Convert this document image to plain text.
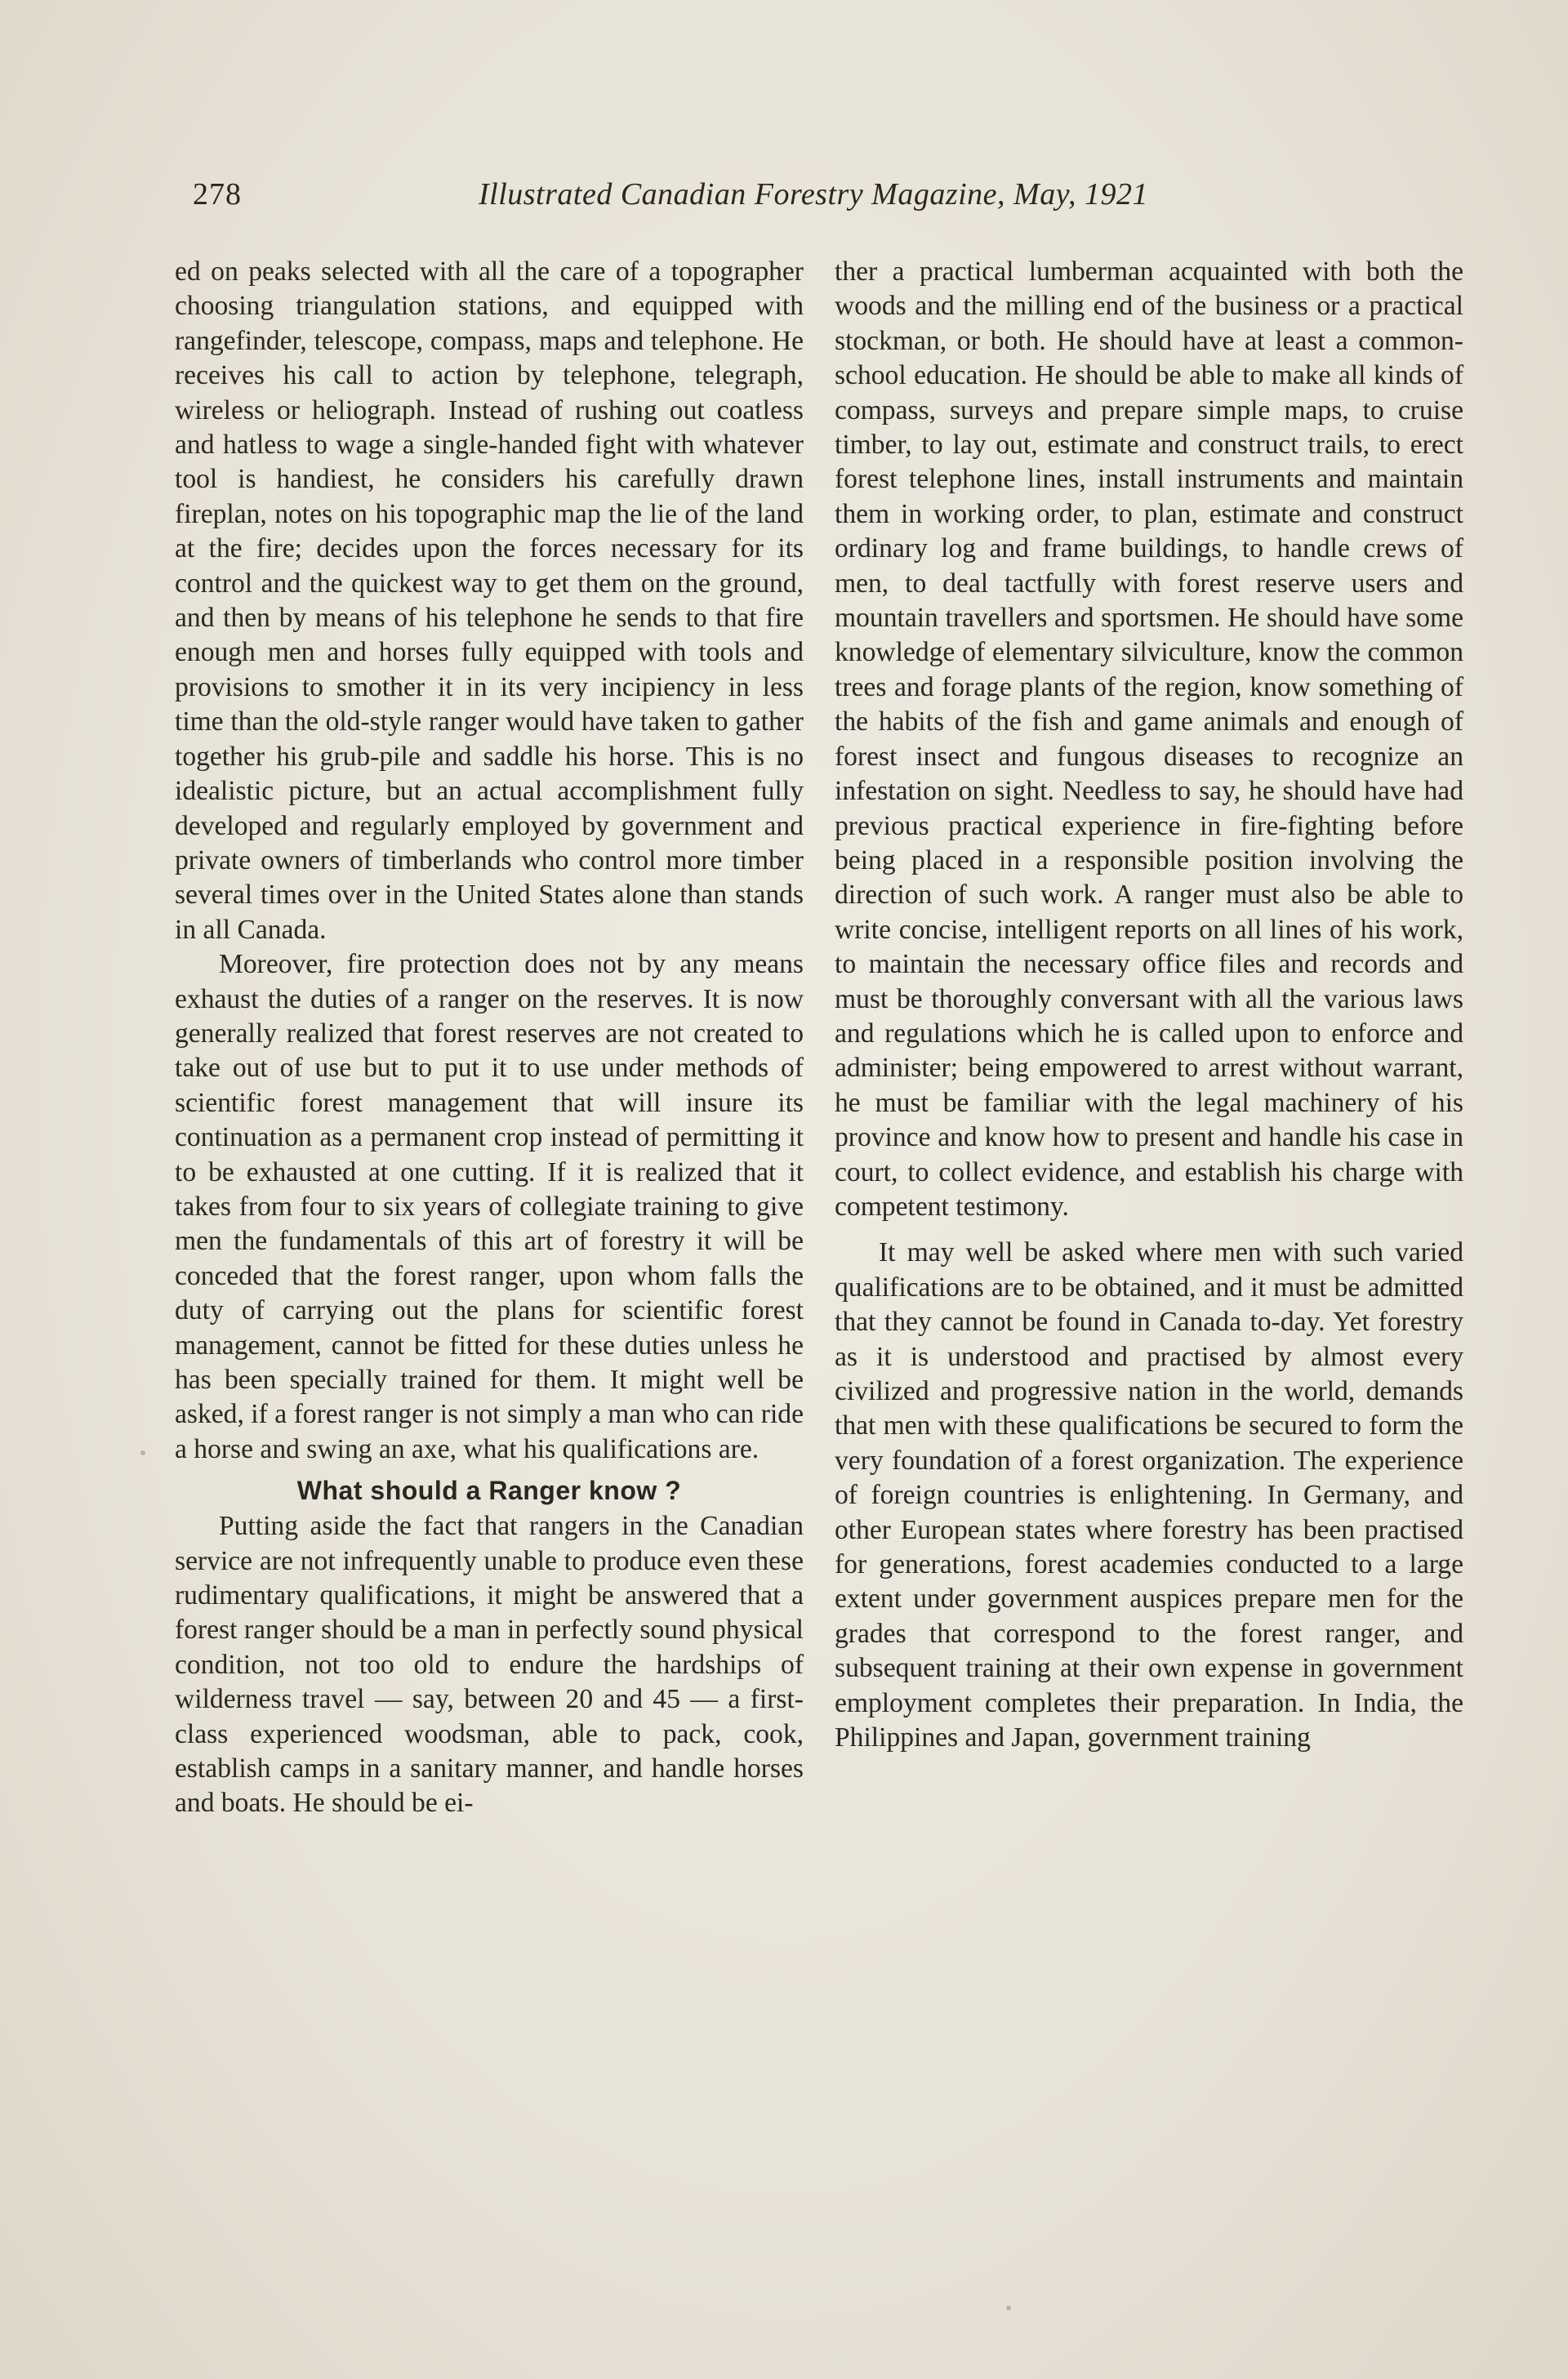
278	Illustrated Canadian Forestry Magazine, May, 1921

ed on peaks selected with all the care of a topographer choosing triangulation stations, and equipped with rangefinder, telescope, compass, maps and telephone. He receives his call to action by telephone, telegraph, wireless or heliograph. Instead of rushing out coatless and hatless to wage a single-handed fight with whatever tool is handiest, he considers his carefully drawn fireplan, notes on his topographic map the lie of the land at the fire; decides upon the forces necessary for its control and the quickest way to get them on the ground, and then by means of his telephone he sends to that fire enough men and horses fully equipped with tools and provisions to smother it in its very incipiency in less time than the old-style ranger would have taken to gather together his grub-pile and saddle his horse. This is no idealistic picture, but an actual accomplishment fully developed and regularly employed by government and private owners of timberlands who control more timber several times over in the United States alone than stands in all Canada.

Moreover, fire protection does not by any means exhaust the duties of a ranger on the reserves. It is now generally realized that forest reserves are not created to take out of use but to put it to use under methods of scientific forest management that will insure its continuation as a permanent crop instead of permitting it to be exhausted at one cutting. If it is realized that it takes from four to six years of collegiate training to give men the fundamentals of this art of forestry it will be conceded that the forest ranger, upon whom falls the duty of carrying out the plans for scientific forest management, cannot be fitted for these duties unless he has been specially trained for them. It might well be asked, if a forest ranger is not simply a man who can ride a horse and swing an axe, what his qualifications are.

What should a Ranger know ?

Putting aside the fact that rangers in the Canadian service are not infrequently unable to produce even these rudimentary qualifications, it might be answered that a forest ranger should be a man in perfectly sound physical condition, not too old to endure the hardships of wilderness travel — say, between 20 and 45 — a first-class experienced woodsman, able to pack, cook, establish camps in a sanitary manner, and handle horses and boats. He should be ei-

ther a practical lumberman acquainted with both the woods and the milling end of the business or a practical stockman, or both. He should have at least a common-school education. He should be able to make all kinds of compass, surveys and prepare simple maps, to cruise timber, to lay out, estimate and construct trails, to erect forest telephone lines, install instruments and maintain them in working order, to plan, estimate and construct ordinary log and frame buildings, to handle crews of men, to deal tactfully with forest reserve users and mountain travellers and sportsmen. He should have some knowledge of elementary silviculture, know the common trees and forage plants of the region, know something of the habits of the fish and game animals and enough of forest insect and fungous diseases to recognize an infestation on sight. Needless to say, he should have had previous practical experience in fire-fighting before being placed in a responsible position involving the direction of such work. A ranger must also be able to write concise, intelligent reports on all lines of his work, to maintain the necessary office files and records and must be thoroughly conversant with all the various laws and regulations which he is called upon to enforce and administer; being empowered to arrest without warrant, he must be familiar with the legal machinery of his province and know how to present and handle his case in court, to collect evidence, and establish his charge with competent testimony.

It may well be asked where men with such varied qualifications are to be obtained, and it must be admitted that they cannot be found in Canada to-day. Yet forestry as it is understood and practised by almost every civilized and progressive nation in the world, demands that men with these qualifications be secured to form the very foundation of a forest organization. The experience of foreign countries is enlightening. In Germany, and other European states where forestry has been practised for generations, forest academies conducted to a large extent under government auspices prepare men for the grades that correspond to the forest ranger, and subsequent training at their own expense in government employment completes their preparation. In India, the Philippines and Japan, government training
